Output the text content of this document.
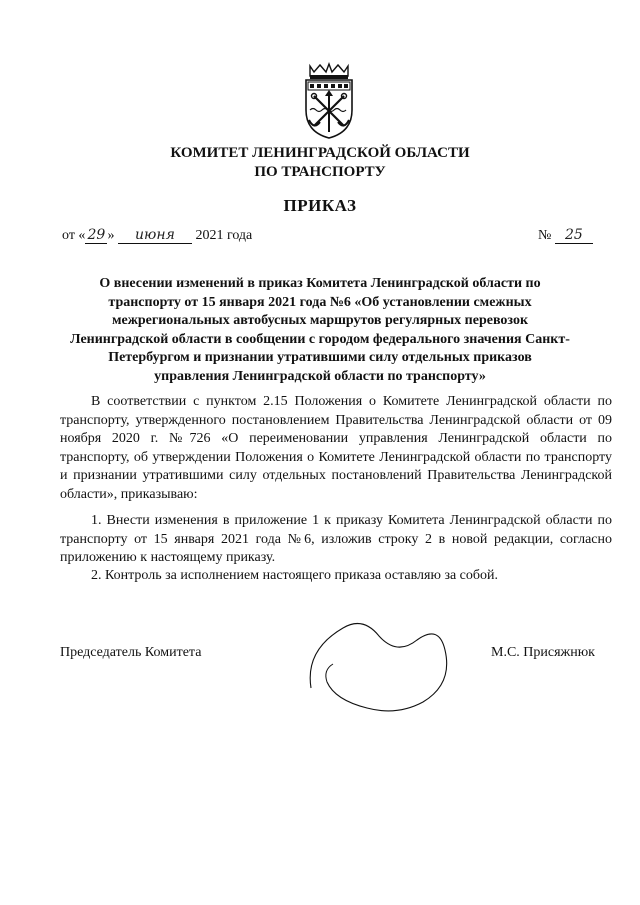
КОМИТЕТ ЛЕНИНГРАДСКОЙ ОБЛАСТИ
ПО ТРАНСПОРТУ
ПРИКАЗ
от « 29 » июня 2021 года	№ 25
О внесении изменений в приказ Комитета Ленинградской области по транспорту от 15 января 2021 года №6 «Об установлении смежных межрегиональных автобусных маршрутов регулярных перевозок Ленинградской области в сообщении с городом федерального значения Санкт-Петербургом и признании утратившими силу отдельных приказов управления Ленинградской области по транспорту»
В соответствии с пунктом 2.15 Положения о Комитете Ленинградской области по транспорту, утвержденного постановлением Правительства Ленинградской области от 09 ноября 2020 г. №726 «О переименовании управления Ленинградской области по транспорту, об утверждении Положения о Комитете Ленинградской области по транспорту и признании утратившими силу отдельных постановлений Правительства Ленинградской области», приказываю:
1. Внести изменения в приложение 1 к приказу Комитета Ленинградской области по транспорту от 15 января 2021 года №6, изложив строку 2 в новой редакции, согласно приложению к настоящему приказу.
2. Контроль за исполнением настоящего приказа оставляю за собой.
Председатель Комитета	М.С. Присяжнюк
